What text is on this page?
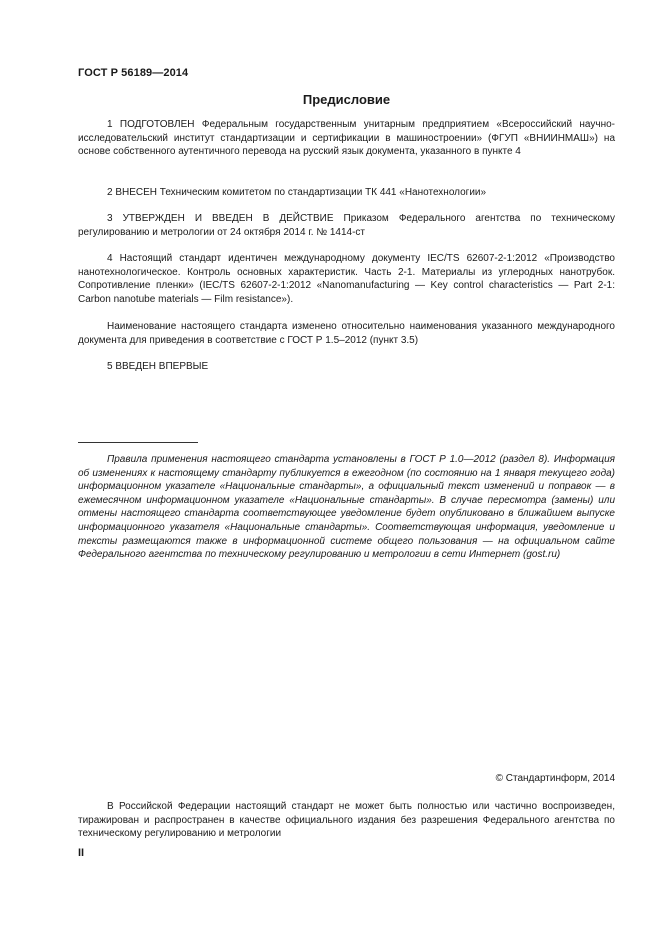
ГОСТ Р 56189—2014
Предисловие

1 ПОДГОТОВЛЕН Федеральным государственным унитарным предприятием «Всероссийский научно-исследовательский институт стандартизации и сертификации в машиностроении» (ФГУП «ВНИИНМАШ») на основе собственного аутентичного перевода на русский язык документа, указанного в пункте 4

2 ВНЕСЕН Техническим комитетом по стандартизации ТК 441 «Нанотехнологии»

3 УТВЕРЖДЕН И ВВЕДЕН В ДЕЙСТВИЕ Приказом Федерального агентства по техническому регулированию и метрологии от 24 октября 2014 г. № 1414-ст

4 Настоящий стандарт идентичен международному документу IEC/TS 62607-2-1:2012 «Производство нанотехнологическое. Контроль основных характеристик. Часть 2-1. Материалы из углеродных нанотрубок. Сопротивление пленки» (IEC/TS 62607-2-1:2012 «Nanomanufacturing — Key control characteristics — Part 2-1: Carbon nanotube materials — Film resistance»).

Наименование настоящего стандарта изменено относительно наименования указанного международного документа для приведения в соответствие с ГОСТ Р 1.5–2012 (пункт 3.5)

5 ВВЕДЕН ВПЕРВЫЕ

Правила применения настоящего стандарта установлены в ГОСТ Р 1.0—2012 (раздел 8). Информация об изменениях к настоящему стандарту публикуется в ежегодном (по состоянию на 1 января текущего года) информационном указателе «Национальные стандарты», а официальный текст изменений и поправок — в ежемесячном информационном указателе «Национальные стандарты». В случае пересмотра (замены) или отмены настоящего стандарта соответствующее уведомление будет опубликовано в ближайшем выпуске информационного указателя «Национальные стандарты». Соответствующая информация, уведомление и тексты размещаются также в информационной системе общего пользования — на официальном сайте Федерального агентства по техническому регулированию и метрологии в сети Интернет (gost.ru)

© Стандартинформ, 2014

В Российской Федерации настоящий стандарт не может быть полностью или частично воспроизведен, тиражирован и распространен в качестве официального издания без разрешения Федерального агентства по техническому регулированию и метрологии

II
